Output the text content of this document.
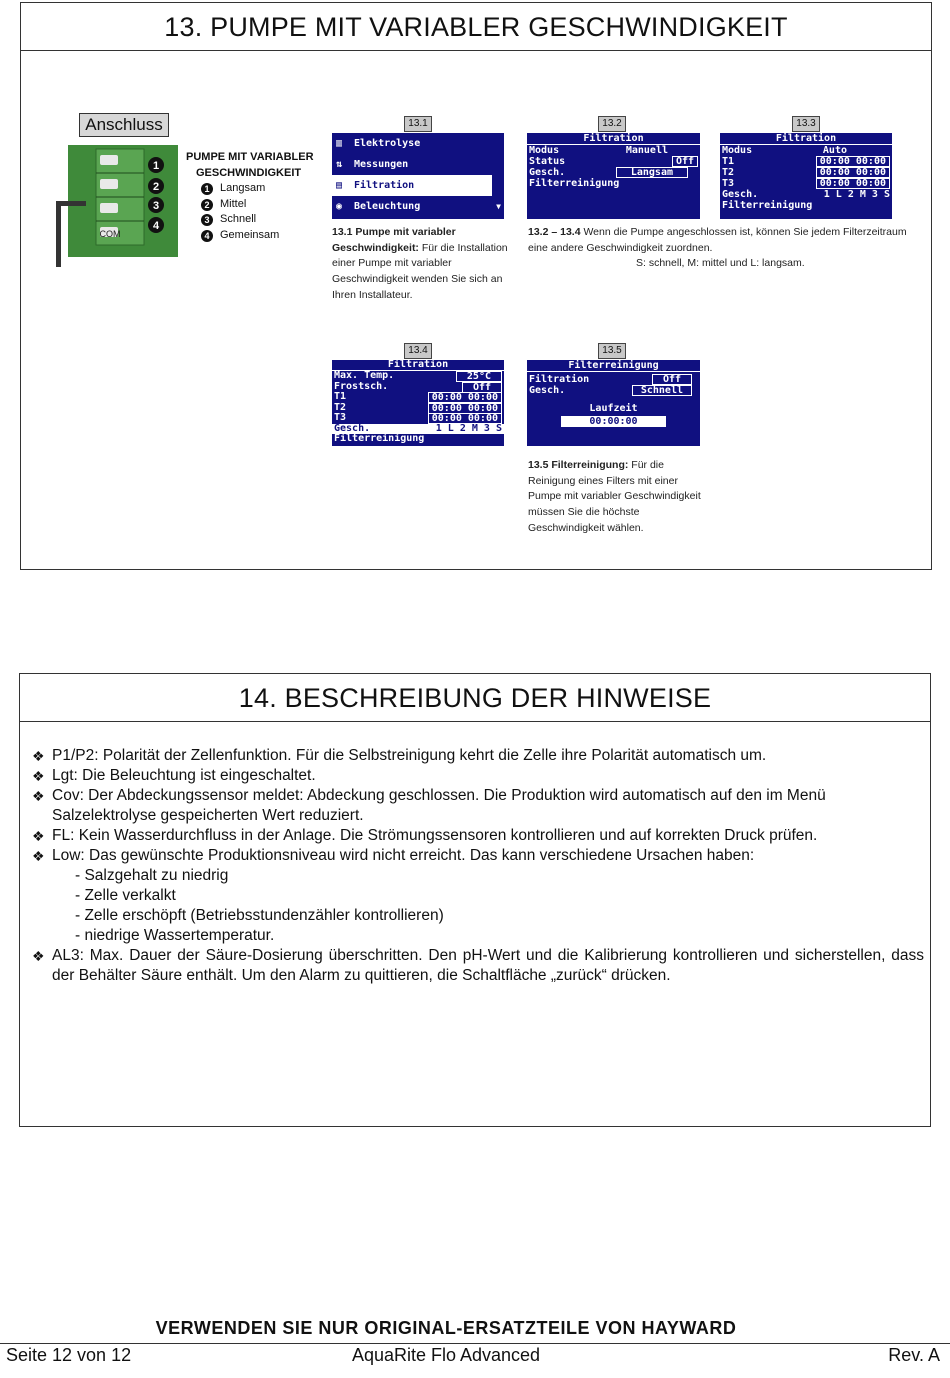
13. PUMPE MIT VARIABLER GESCHWINDIGKEIT
Anschluss
COM
1
2
3
4
PUMPE MIT VARIABLER
GESCHWINDIGKEIT
1 Langsam
2 Mittel
3 Schnell
4 Gemeinsam
13.1
▥ Elektrolyse
⇅ Messungen
▤ Filtration
◉ Beleuchtung	▼
13.2
Filtration
Modus	Manuell
Status	Off
Gesch.	Langsam
Filterreinigung
13.3
Filtration
Modus	Auto
T1	00:00 00:00
T2	00:00 00:00
T3	00:00 00:00
Gesch.	1 L 2 M 3 S
Filterreinigung
13.1 Pumpe mit variabler Geschwindigkeit: Für die Installation einer Pumpe mit variabler Geschwindigkeit wenden Sie sich an Ihren Installateur.
13.2 – 13.4 Wenn die Pumpe angeschlossen ist, können Sie jedem Filterzeitraum eine andere Geschwindigkeit zuordnen.
S: schnell, M: mittel und L: langsam.
13.4
Filtration
Max. Temp.	25°C
Frostsch.	Off
T1	00:00 00:00
T2	00:00 00:00
T3	00:00 00:00
Gesch.	1 L 2 M 3 S
Filterreinigung
13.5
Filterreinigung
Filtration	Off
Gesch.	Schnell
Laufzeit
00:00:00
13.5 Filterreinigung: Für die Reinigung eines Filters mit einer Pumpe mit variabler Geschwindigkeit müssen Sie die höchste Geschwindigkeit wählen.
14. BESCHREIBUNG DER HINWEISE
❖ P1/P2: Polarität der Zellenfunktion. Für die Selbstreinigung kehrt die Zelle ihre Polarität automatisch um.
❖ Lgt: Die Beleuchtung ist eingeschaltet.
❖ Cov: Der Abdeckungssensor meldet: Abdeckung geschlossen. Die Produktion wird automatisch auf den im Menü Salzelektrolyse gespeicherten Wert reduziert.
❖ FL: Kein Wasserdurchfluss in der Anlage. Die Strömungssensoren kontrollieren und auf korrekten Druck prüfen.
❖ Low: Das gewünschte Produktionsniveau wird nicht erreicht. Das kann verschiedene Ursachen haben:
- Salzgehalt zu niedrig
- Zelle verkalkt
- Zelle erschöpft (Betriebsstundenzähler kontrollieren)
- niedrige Wassertemperatur.
❖ AL3: Max. Dauer der Säure-Dosierung überschritten. Den pH-Wert und die Kalibrierung kontrollieren und sicherstellen, dass der Behälter Säure enthält. Um den Alarm zu quittieren, die Schaltfläche „zurück“ drücken.
VERWENDEN SIE NUR ORIGINAL-ERSATZTEILE VON HAYWARD
Seite 12 von 12	AquaRite Flo Advanced	Rev. A
